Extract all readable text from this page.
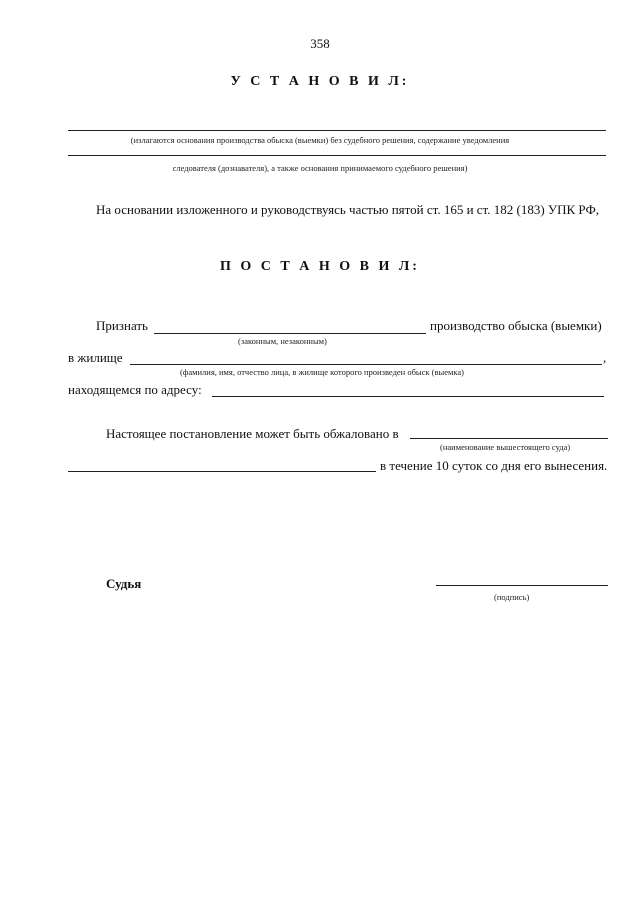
358
У С Т А Н О В И Л:
(излагаются основания производства обыска (выемки) без судебного решения, содержание уведомления
следователя (дознавателя), а также основания принимаемого судебного решения)
На основании изложенного и руководствуясь частью пятой ст. 165 и ст. 182 (183) УПК РФ,
П О С Т А Н О В И Л:
Признать	производство обыска (выемки)
(законным, незаконным)
в жилище	,
(фамилия, имя, отчество лица, в жилище которого произведен обыск (выемка)
находящемся по адресу:
Настоящее постановление может быть обжаловано в
(наименование вышестоящего суда)
в течение 10 суток со дня его вынесения.
Судья
(подпись)
